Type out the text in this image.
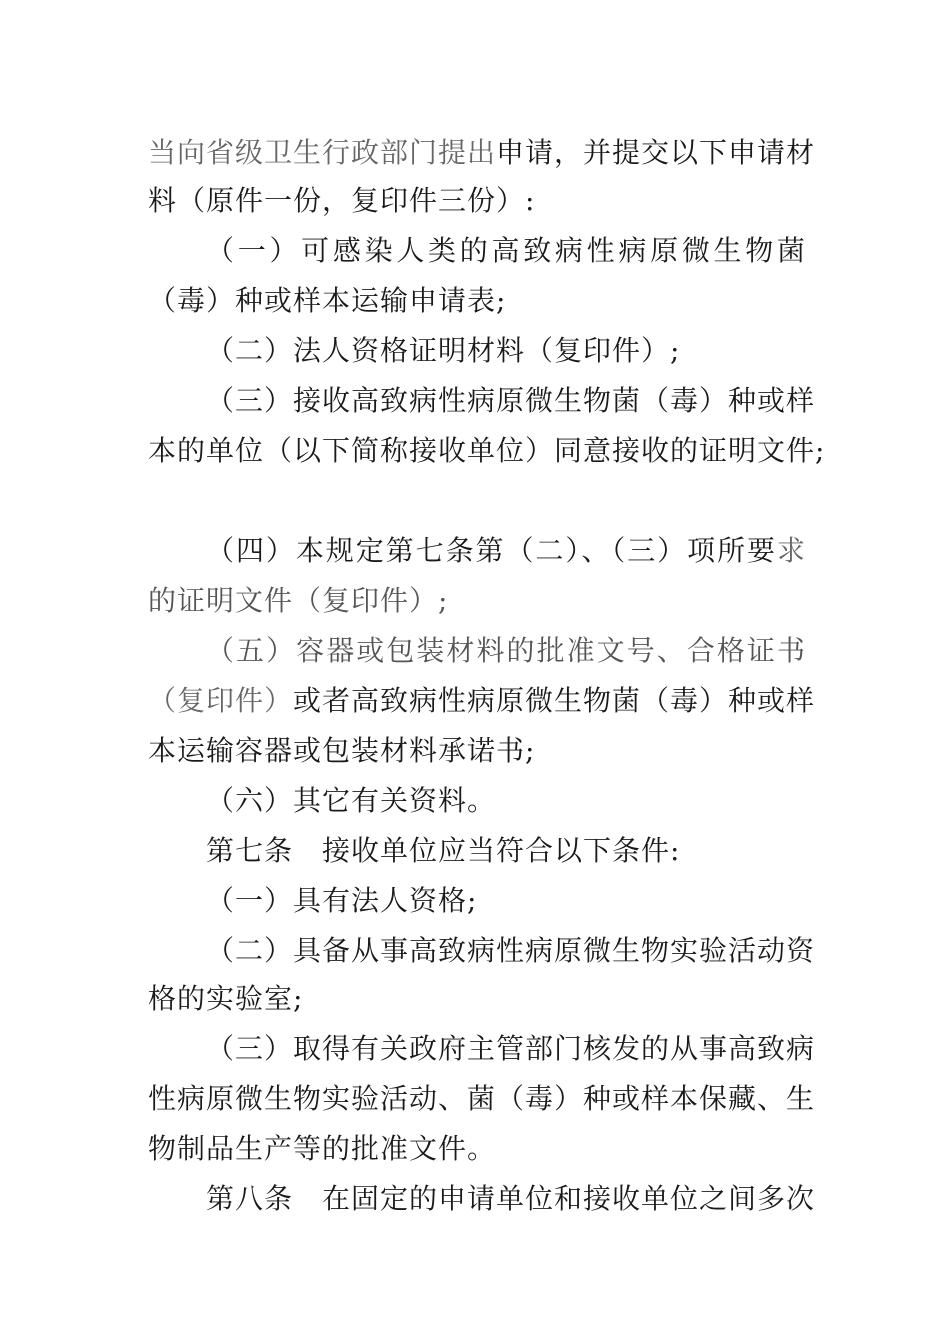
当向省级卫生行政部门提出申请，并提交以下申请材
料（原件一份，复印件三份）:
（一）可感染人类的高致病性病原微生物菌
（毒）种或样本运输申请表;
（二）法人资格证明材料（复印件）;
（三）接收高致病性病原微生物菌（毒）种或样
本的单位（以下简称接收单位）同意接收的证明文件;
（四）本规定第七条第（二）、（三）项所要求
的证明文件（复印件）;
（五）容器或包装材料的批准文号、合格证书
（复印件）或者高致病性病原微生物菌（毒）种或样
本运输容器或包装材料承诺书;
（六）其它有关资料。
第七条　接收单位应当符合以下条件:
（一）具有法人资格;
（二）具备从事高致病性病原微生物实验活动资
格的实验室;
（三）取得有关政府主管部门核发的从事高致病
性病原微生物实验活动、菌（毒）种或样本保藏、生
物制品生产等的批准文件。
第八条　在固定的申请单位和接收单位之间多次
